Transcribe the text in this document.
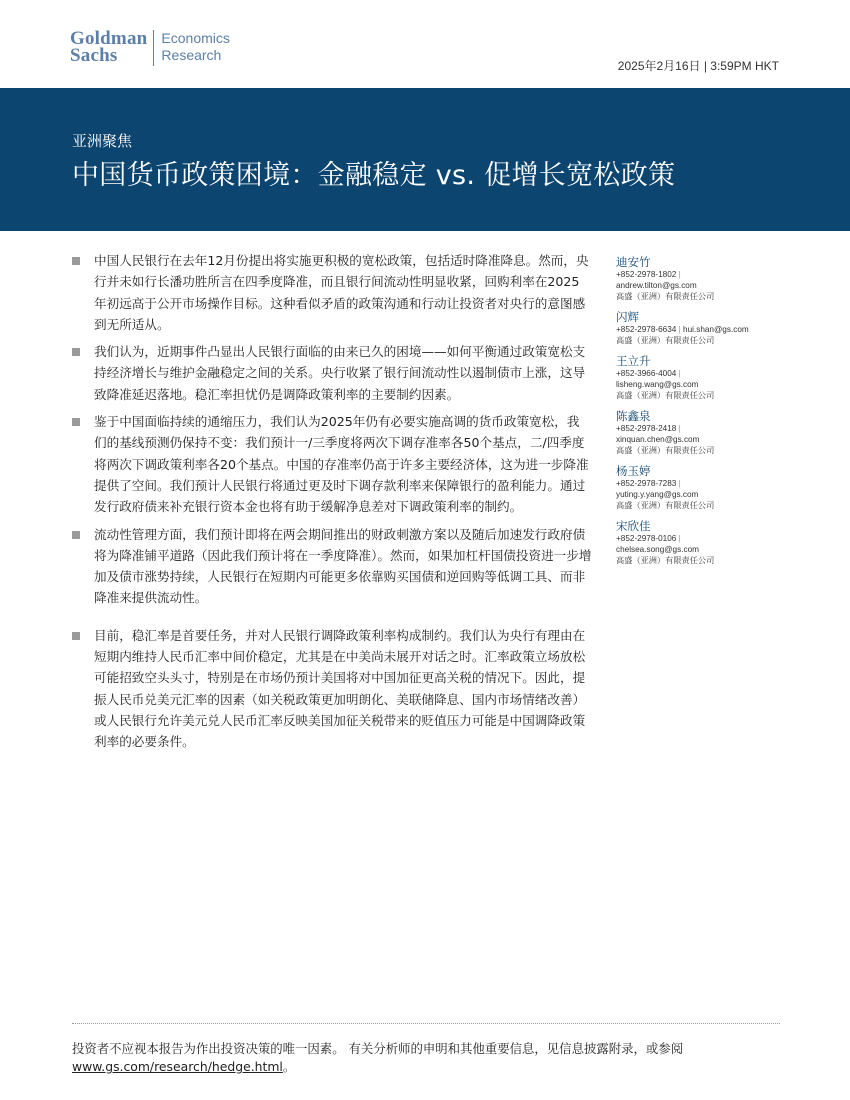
Goldman
Sachs
Economics
Research
2025年2月16日 | 3:59PM HKT
亚洲聚焦
中国货币政策困境：金融稳定 vs. 促增长宽松政策
中国人民银行在去年12月份提出将实施更积极的宽松政策，包括适时降准降息。然而，央行并未如行长潘功胜所言在四季度降准，而且银行间流动性明显收紧，回购利率在2025年初远高于公开市场操作目标。这种看似矛盾的政策沟通和行动让投资者对央行的意图感到无所适从。
我们认为，近期事件凸显出人民银行面临的由来已久的困境——如何平衡通过政策宽松支持经济增长与维护金融稳定之间的关系。央行收紧了银行间流动性以遏制债市上涨，这导致降准延迟落地。稳汇率担忧仍是调降政策利率的主要制约因素。
鉴于中国面临持续的通缩压力，我们认为2025年仍有必要实施高调的货币政策宽松，我们的基线预测仍保持不变：我们预计一/三季度将两次下调存准率各50个基点，二/四季度将两次下调政策利率各20个基点。中国的存准率仍高于许多主要经济体，这为进一步降准提供了空间。我们预计人民银行将通过更及时下调存款利率来保障银行的盈利能力。通过发行政府债来补充银行资本金也将有助于缓解净息差对下调政策利率的制约。
流动性管理方面，我们预计即将在两会期间推出的财政刺激方案以及随后加速发行政府债将为降准铺平道路（因此我们预计将在一季度降准）。然而，如果加杠杆国债投资进一步增加及债市涨势持续，人民银行在短期内可能更多依靠购买国债和逆回购等低调工具、而非降准来提供流动性。
目前，稳汇率是首要任务，并对人民银行调降政策利率构成制约。我们认为央行有理由在短期内维持人民币汇率中间价稳定，尤其是在中美尚未展开对话之时。汇率政策立场放松可能招致空头头寸，特别是在市场仍预计美国将对中国加征更高关税的情况下。因此，提振人民币兑美元汇率的因素（如关税政策更加明朗化、美联储降息、国内市场情绪改善）或人民银行允许美元兑人民币汇率反映美国加征关税带来的贬值压力可能是中国调降政策利率的必要条件。
迪安竹
+852-2978-1802 |
andrew.tilton@gs.com
高盛（亚洲）有限责任公司
闪辉
+852-2978-6634 | hui.shan@gs.com
高盛（亚洲）有限责任公司
王立升
+852-3966-4004 |
lisheng.wang@gs.com
高盛（亚洲）有限责任公司
陈鑫泉
+852-2978-2418 |
xinquan.chen@gs.com
高盛（亚洲）有限责任公司
杨玉婷
+852-2978-7283 |
yuting.y.yang@gs.com
高盛（亚洲）有限责任公司
宋欣佳
+852-2978-0106 |
chelsea.song@gs.com
高盛（亚洲）有限责任公司
投资者不应视本报告为作出投资决策的唯一因素。 有关分析师的申明和其他重要信息，见信息披露附录，或参阅
www.gs.com/research/hedge.html。
